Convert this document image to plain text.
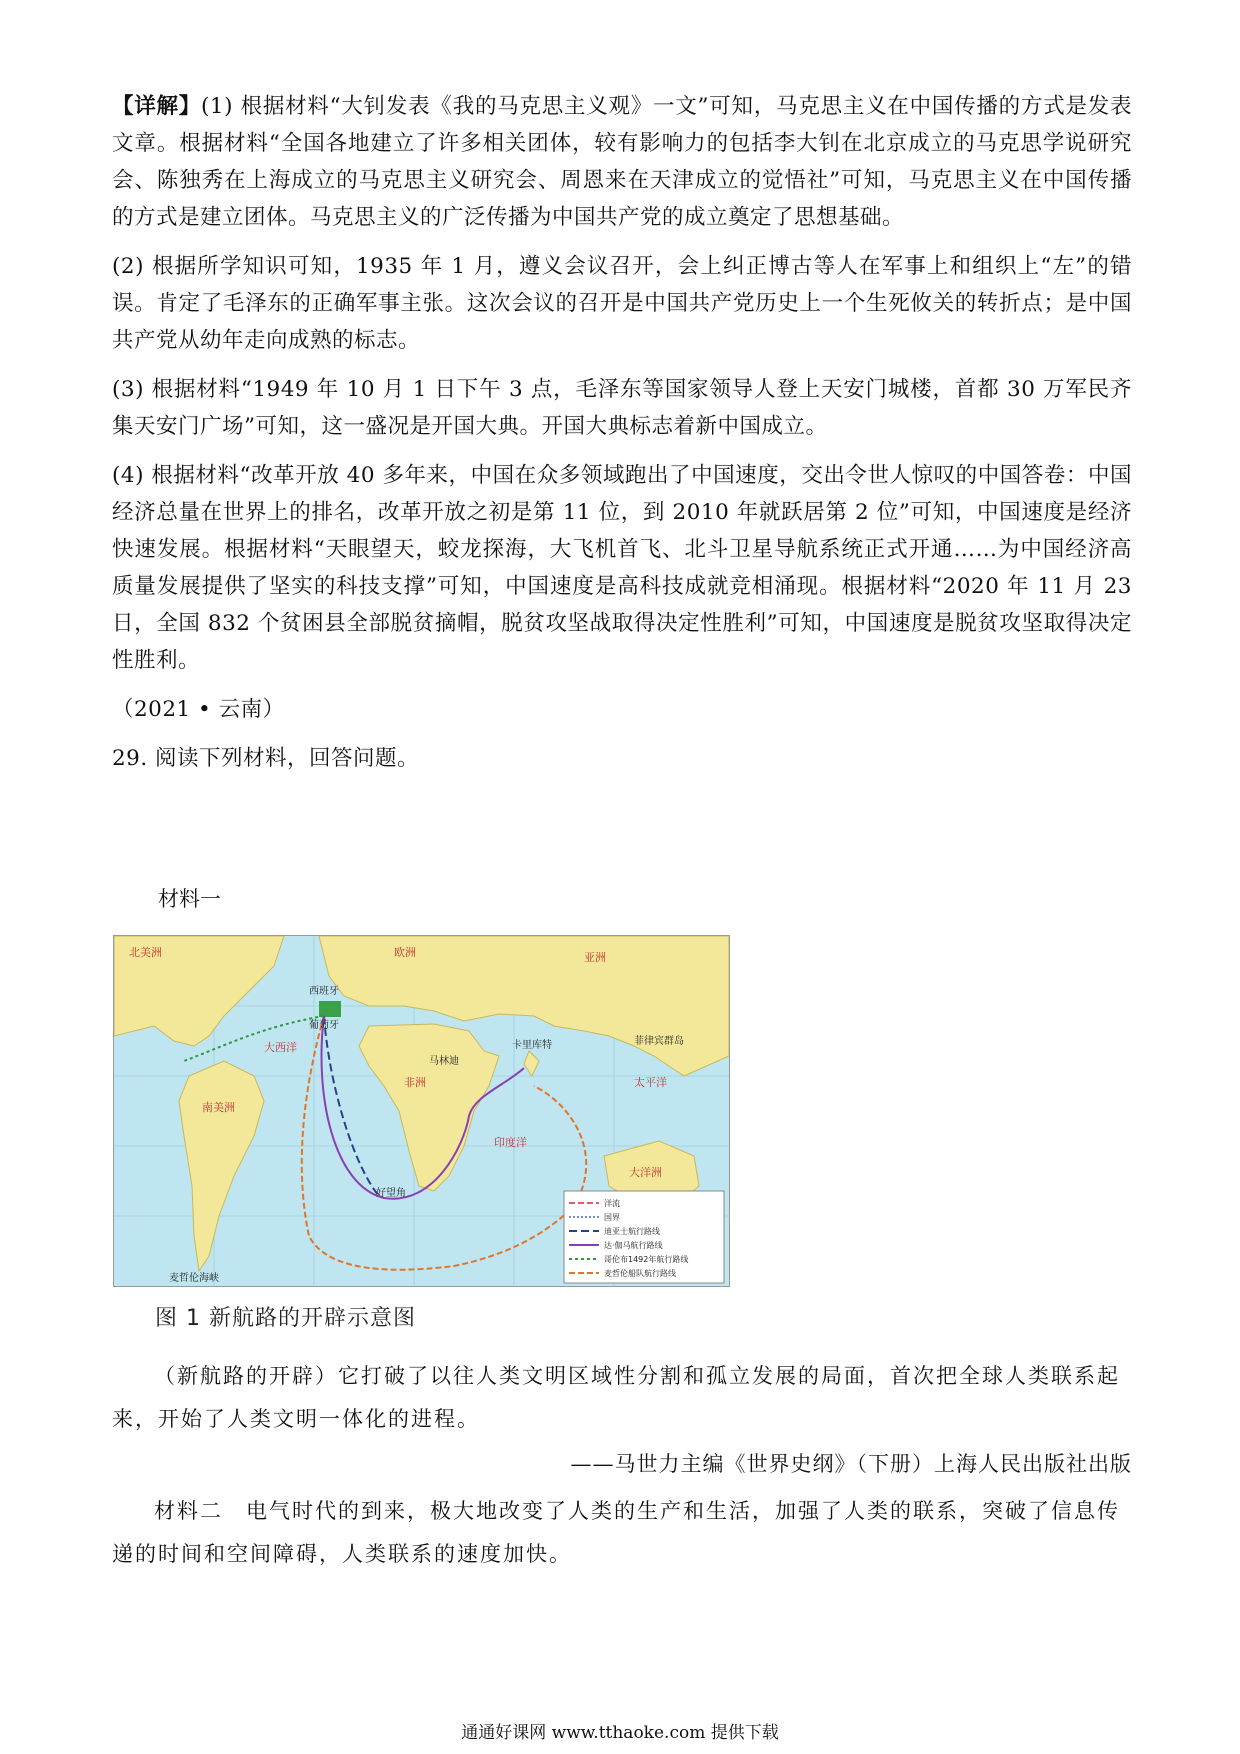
【详解】(1) 根据材料“大钊发表《我的马克思主义观》一文”可知，马克思主义在中国传播的方式是发表文章。根据材料“全国各地建立了许多相关团体，较有影响力的包括李大钊在北京成立的马克思学说研究会、陈独秀在上海成立的马克思主义研究会、周恩来在天津成立的觉悟社”可知，马克思主义在中国传播的方式是建立团体。马克思主义的广泛传播为中国共产党的成立奠定了思想基础。

(2) 根据所学知识可知，1935 年 1 月，遵义会议召开，会上纠正博古等人在军事上和组织上“左”的错误。肯定了毛泽东的正确军事主张。这次会议的召开是中国共产党历史上一个生死攸关的转折点；是中国共产党从幼年走向成熟的标志。

(3) 根据材料“1949 年 10 月 1 日下午 3 点，毛泽东等国家领导人登上天安门城楼，首都 30 万军民齐集天安门广场”可知，这一盛况是开国大典。开国大典标志着新中国成立。

(4) 根据材料“改革开放 40 多年来，中国在众多领域跑出了中国速度，交出令世人惊叹的中国答卷：中国经济总量在世界上的排名，改革开放之初是第 11 位，到 2010 年就跃居第 2 位”可知，中国速度是经济快速发展。根据材料“天眼望天，蛟龙探海，大飞机首飞、北斗卫星导航系统正式开通……为中国经济高质量发展提供了坚实的科技支撑”可知，中国速度是高科技成就竞相涌现。根据材料“2020 年 11 月 23 日，全国 832 个贫困县全部脱贫摘帽，脱贫攻坚战取得决定性胜利”可知，中国速度是脱贫攻坚取得决定性胜利。

（2021 • 云南）

29. 阅读下列材料，回答问题。

材料一
北美洲	欧洲	亚洲
非洲
南美洲
大西洋
印度洋
太平洋
大洋洲
西班牙
葡萄牙
卡里库特
马林迪
菲律宾群岛
好望角
麦哲伦海峡
洋流
国界
迪亚士航行路线
达·伽马航行路线
哥伦布1492年航行路线
麦哲伦船队航行路线
图 1 新航路的开辟示意图

（新航路的开辟）它打破了以往人类文明区域性分割和孤立发展的局面，首次把全球人类联系起来，开始了人类文明一体化的进程。

——马世力主编《世界史纲》（下册）上海人民出版社出版

材料二　电气时代的到来，极大地改变了人类的生产和生活，加强了人类的联系，突破了信息传递的时间和空间障碍，人类联系的速度加快。

通通好课网 www.tthaoke.com 提供下载
